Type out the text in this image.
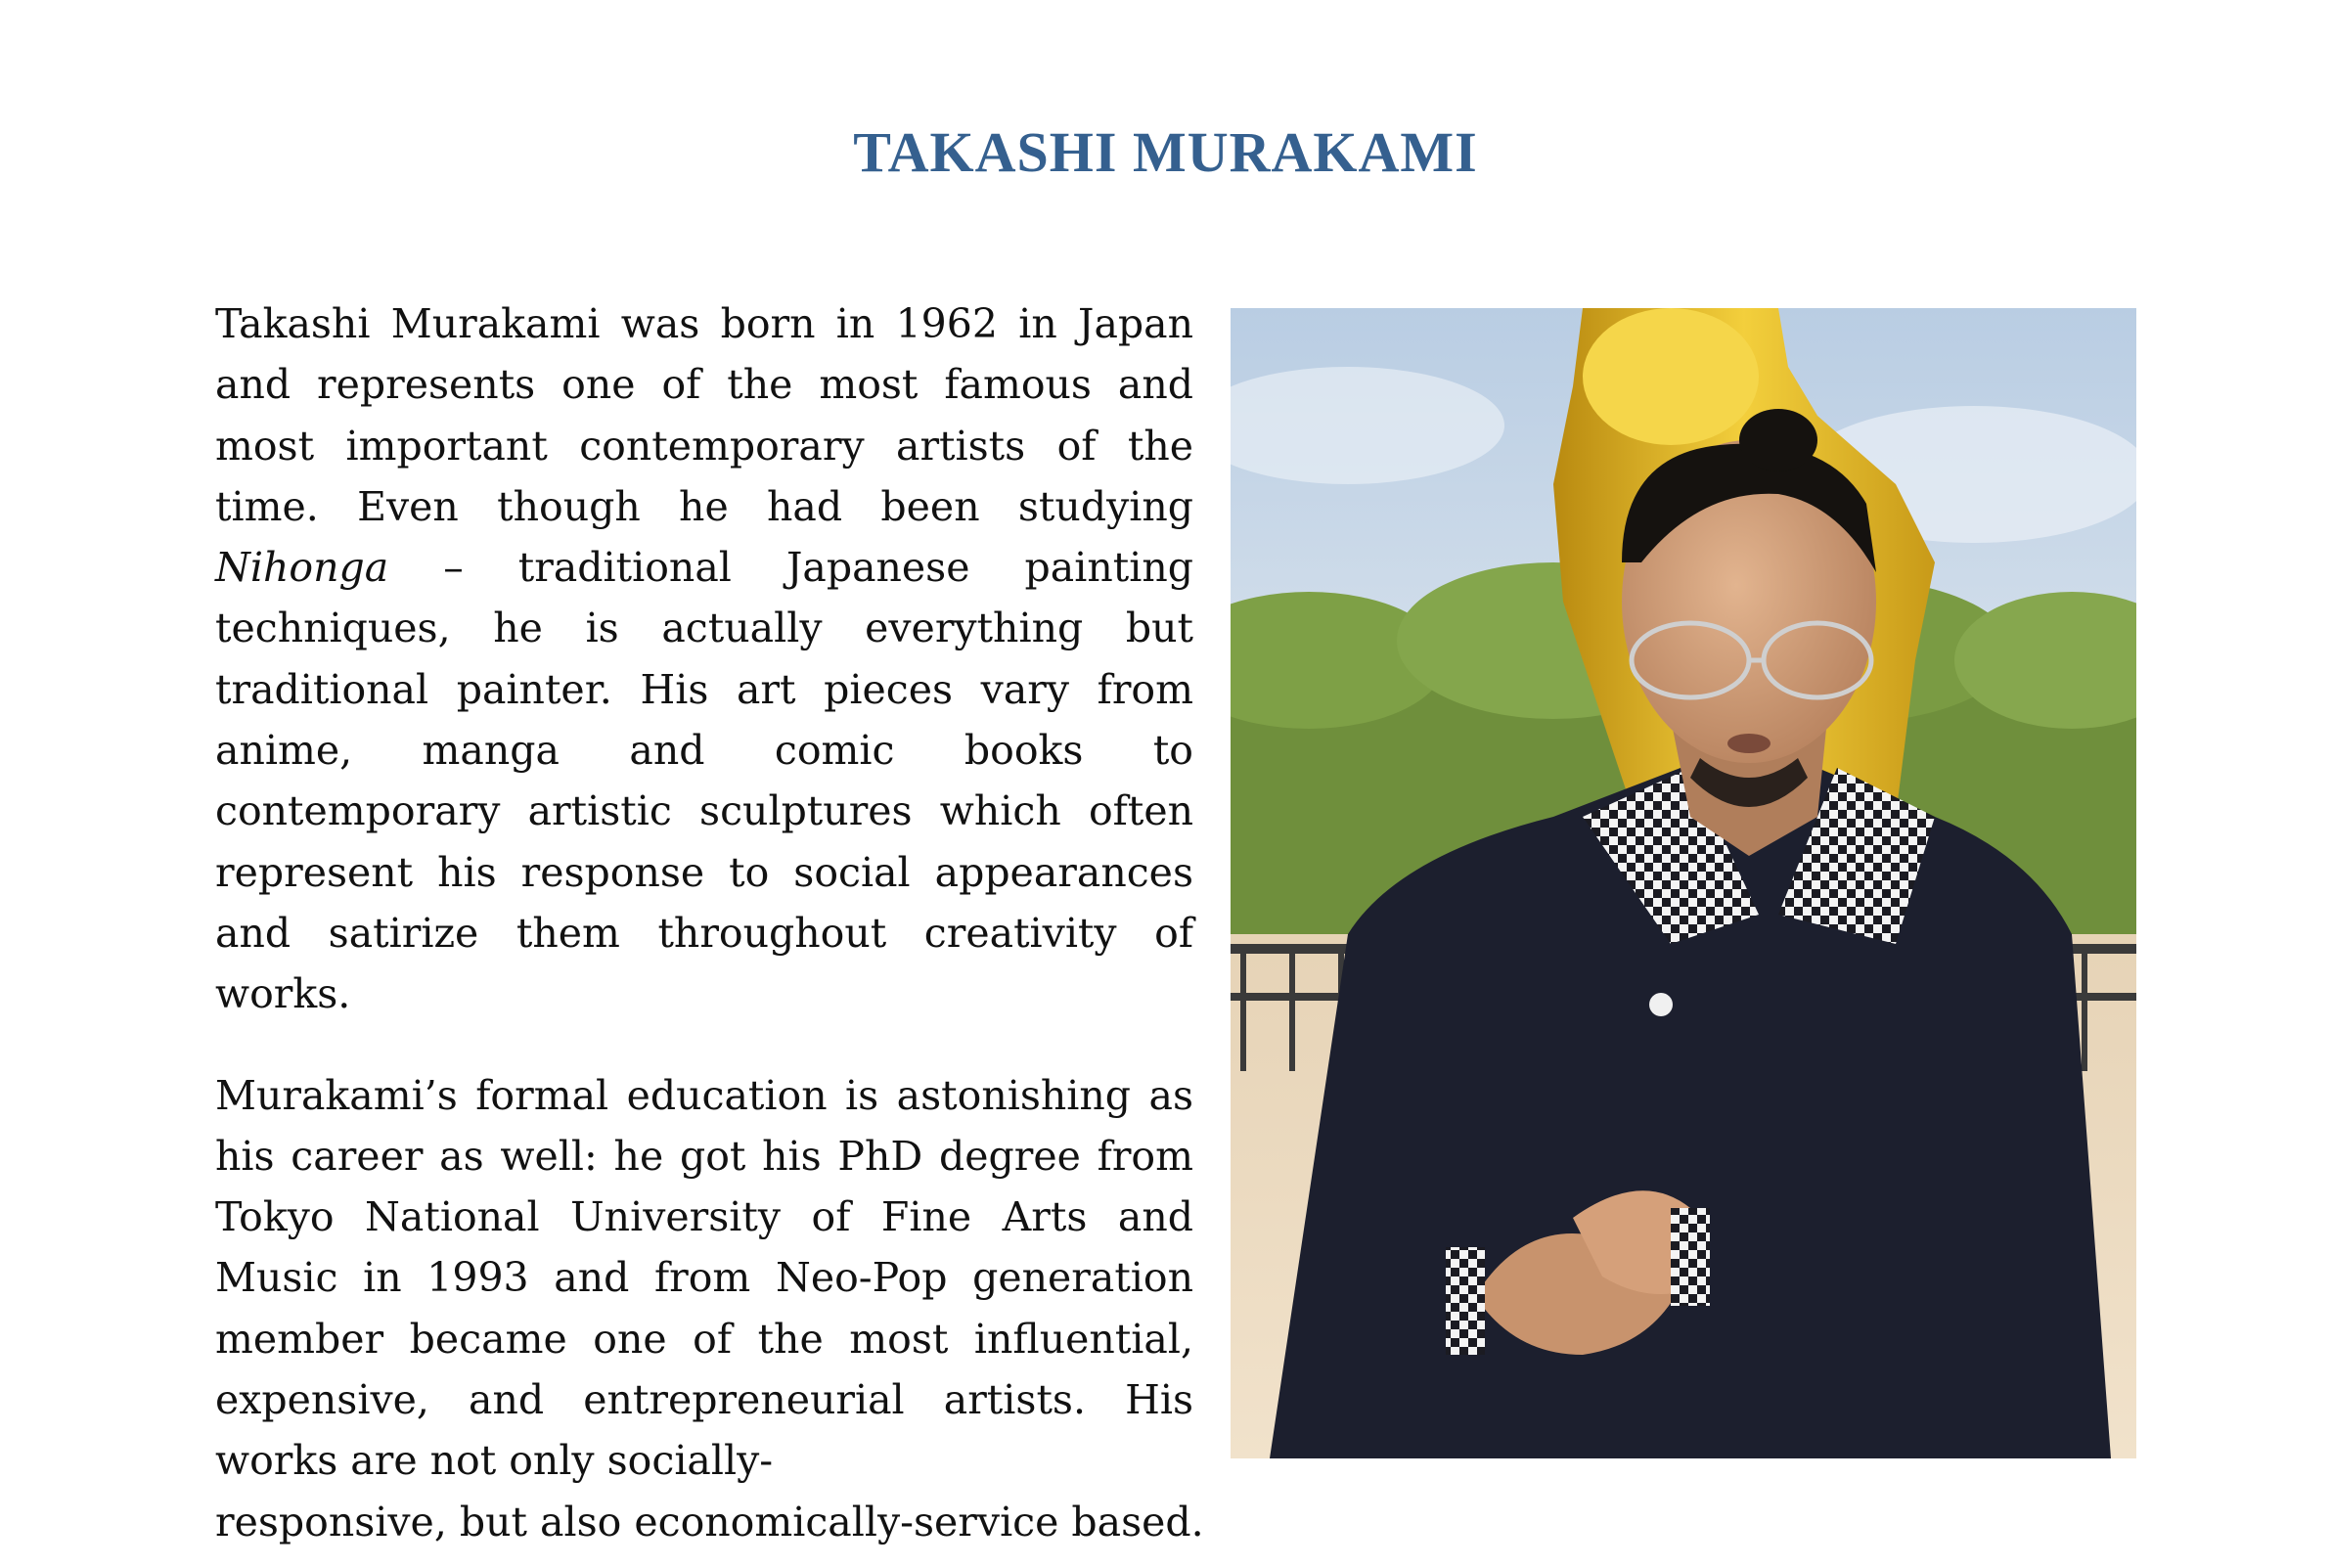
TAKASHI MURAKAMI

Takashi Murakami was born in 1962 in Japan and represents one of the most famous and most important contemporary artists of the time. Even though he had been studying Nihonga – traditional Japanese painting techniques, he is actually everything but traditional painter. His art pieces vary from anime, manga and comic books to contemporary artistic sculptures which often represent his response to social appearances and satirize them throughout creativity of works.

Murakami’s formal education is astonishing as his career as well: he got his PhD degree from Tokyo National University of Fine Arts and Music in 1993 and from Neo-Pop generation member became one of the most influential, expensive, and entrepreneurial artists. His works are not only socially-
responsive, but also economically-service based.
